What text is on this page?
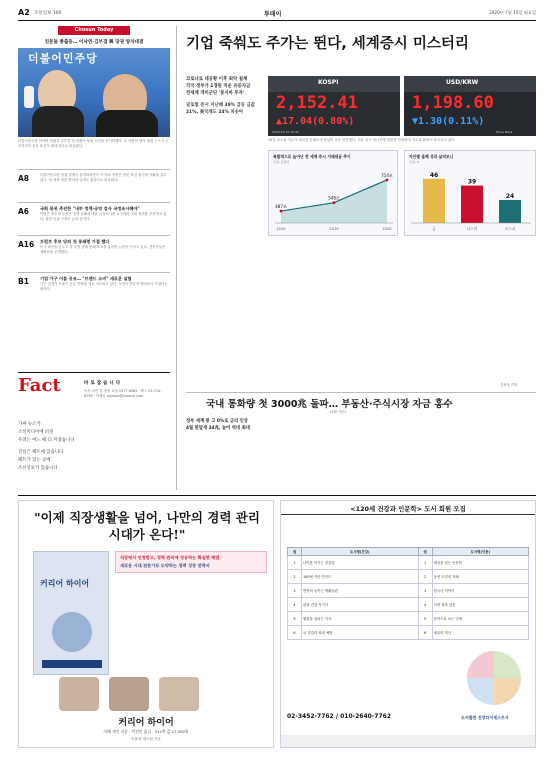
A2 조선일보 100	투데이	2020년 7월 15일 월요일
Chosun Today
친문들 총출동… 이낙연·김부겸 與 당권 양자대결
더불어민주당
더불어민주당 이낙연 의원과 김부겸 전 의원이 당권 도전을 공식화했다. 두 사람의 양자 대결 구도가 굳어지면서 친문 표심이 최대 변수로 떠올랐다.
A8	더불어민주당 당권 경쟁이 본격화되면서 각 후보 진영은 친문 표심 잡기에 사활을 걸고 있다. 당 대표 선출 방식과 일정도 관심사로 떠올랐다.
A6	국회 복귀 추진한 "내부 정책·공약 검사 국정조사해야"
야당은 정부의 부동산 정책 실패에 대한 국정조사를 요구하며 국회 복귀를 추진하고 있다. 관련 특위 구성도 논의 중이다.
A16 트럼프 후보 당의 첫 봉쇄령 가결 했다
미국 대선을 앞두고 각 주별 경제 봉쇄 조치를 둘러싼 논란이 커지고 있다. 전문가들은 재확산을 우려했다.
B1	기업 가구 이름 공유… "브랜드 소비" 새로운 실험
가구 업계가 브랜드 공유 전략을 새로 시도하고 있다. 소비자 반응이 예상보다 뜨겁다는 평가다.
Fact	바로잡습니다
독자 의견 및 정정 요청 1577-8585 · 팩스 02-724-6299 · 이메일 opinion@chosun.com
가짜 뉴스가
소셜미디어에 퍼질
우려는 여느 때 더 커졌습니다
진실은 팩트에 있습니다
팩트가 있는 곳에
조선일보가 있습니다
기업 죽쒀도 주가는 뛴다, 세계증시 미스터리
코로나로 대공황 이후 최악 침체
각국 정부가 1경원 치운 유동자금
전세계 개미군단 '봉지마 투자'
글로벌 증시 지난해 39% 급등 금값 21%, 美국채도 24% 치솟아
KOSPI
2,152.41
▲17.04(0.80%)
2020.07.15 15:30
USD/KRW
1,198.60
▼1.30(0.11%)
Hana Bank
15일 코스피 지수가 외국인 순매수에 힘입어 상승 마감했다. 서울 중구 하나은행 딜링룸 전광판에 지수와 환율이 표시되어 있다.
폭발적으로 늘어난 전 세계 증시 거래대금 추이
단위: 조달러
487조
2010
548조
2019
714조
2020
자산별 올해 성과 살펴보니
단위: %
46
금
39
나스닥
24
코스피
김성모 기자
국내 통화량 첫 3000兆 돌파… 부동산·주식시장 자금 홍수
(5월 기준)
정부 세계 통 고 0%로 금리 인상
4월 한달새 34兆, 늘어 역대 최대
"이제 직장생활을 넘어, 나만의 경력 관리 시대가 온다!"
커리어 하이어
직장에서 인정받고, 경력 관리에 성공하는 확실한 해법
새로운 시대 전문가로 도약하는 경력 성장 전략서
커리어 하이어
이혜 개인 지음 · 박선민 옮김 · 312쪽 값 17,000원
이용희·정도원 지음
<120세 건강과 인문학> 도서 회원 모집
권	도서명(건강)	권	도서명(인문)
1	나이를 이기는 건강법	1	세상을 읽는 인문학
2	100세 식단 가이드	2	동양 고전의 지혜
3	면역력 높이는 생활습관	3	한국사 이야기
4	관절 건강 지키기	4	서양 철학 입문
5	혈관을 살리는 식사	5	문학으로 보는 인생
6	뇌 건강과 치매 예방	6	예술의 역사
02-3452-7762 / 010-2640-7762	도서출판 건강다이제스트사
